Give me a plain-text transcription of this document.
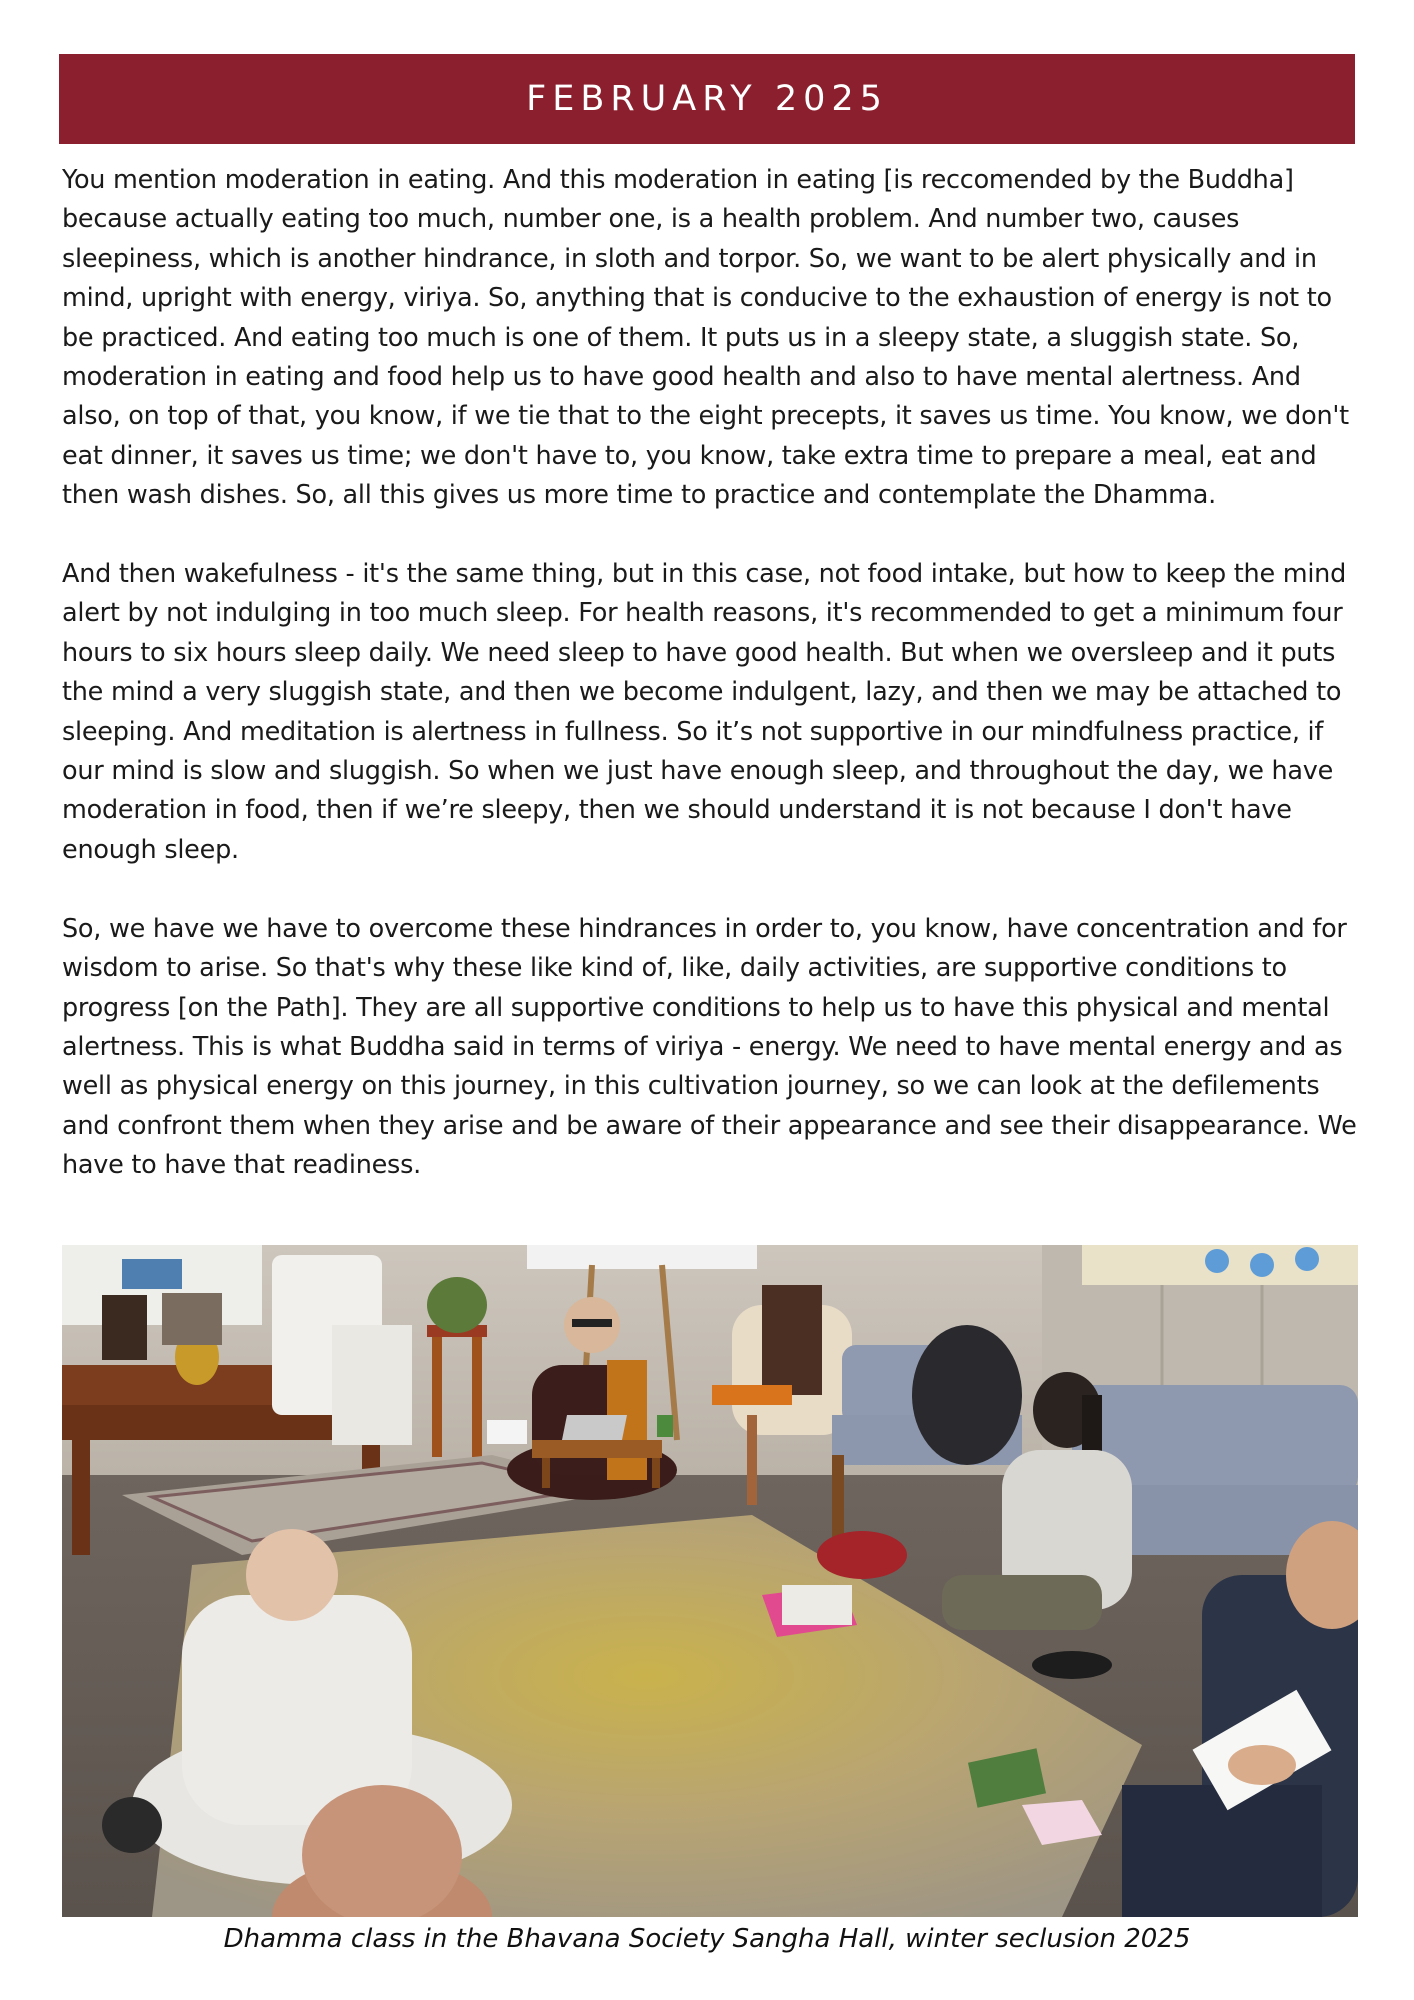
FEBRUARY 2025

You mention moderation in eating. And this moderation in eating [is reccomended by the Buddha] because actually eating too much, number one, is a health problem. And number two, causes sleepiness, which is another hindrance, in sloth and torpor. So, we want to be alert physically and in mind, upright with energy, viriya. So, anything that is conducive to the exhaustion of energy is not to be practiced. And eating too much is one of them. It puts us in a sleepy state, a sluggish state. So, moderation in eating and food help us to have good health and also to have mental alertness. And also, on top of that, you know, if we tie that to the eight precepts, it saves us time. You know, we don't eat dinner, it saves us time; we don't have to, you know, take extra time to prepare a meal, eat and then wash dishes. So, all this gives us more time to practice and contemplate the Dhamma.

And then wakefulness - it's the same thing, but in this case, not food intake, but how to keep the mind alert by not indulging in too much sleep. For health reasons, it's recommended to get a minimum four hours to six hours sleep daily. We need sleep to have good health. But when we oversleep and it puts the mind a very sluggish state, and then we become indulgent, lazy, and then we may be attached to sleeping. And meditation is alertness in fullness. So it’s not supportive in our mindfulness practice, if our mind is slow and sluggish. So when we just have enough sleep, and throughout the day, we have moderation in food, then if we’re sleepy, then we should understand it is not because I don't have enough sleep.

So, we have we have to overcome these hindrances in order to, you know, have concentration and for wisdom to arise. So that's why these like kind of, like, daily activities, are supportive conditions to progress [on the Path]. They are all supportive conditions to help us to have this physical and mental alertness. This is what Buddha said in terms of viriya - energy. We need to have mental energy and as well as physical energy on this journey, in this cultivation journey, so we can look at the defilements and confront them when they arise and be aware of their appearance and see their disappearance. We have to have that readiness.

Dhamma class in the Bhavana Society Sangha Hall, winter seclusion 2025
